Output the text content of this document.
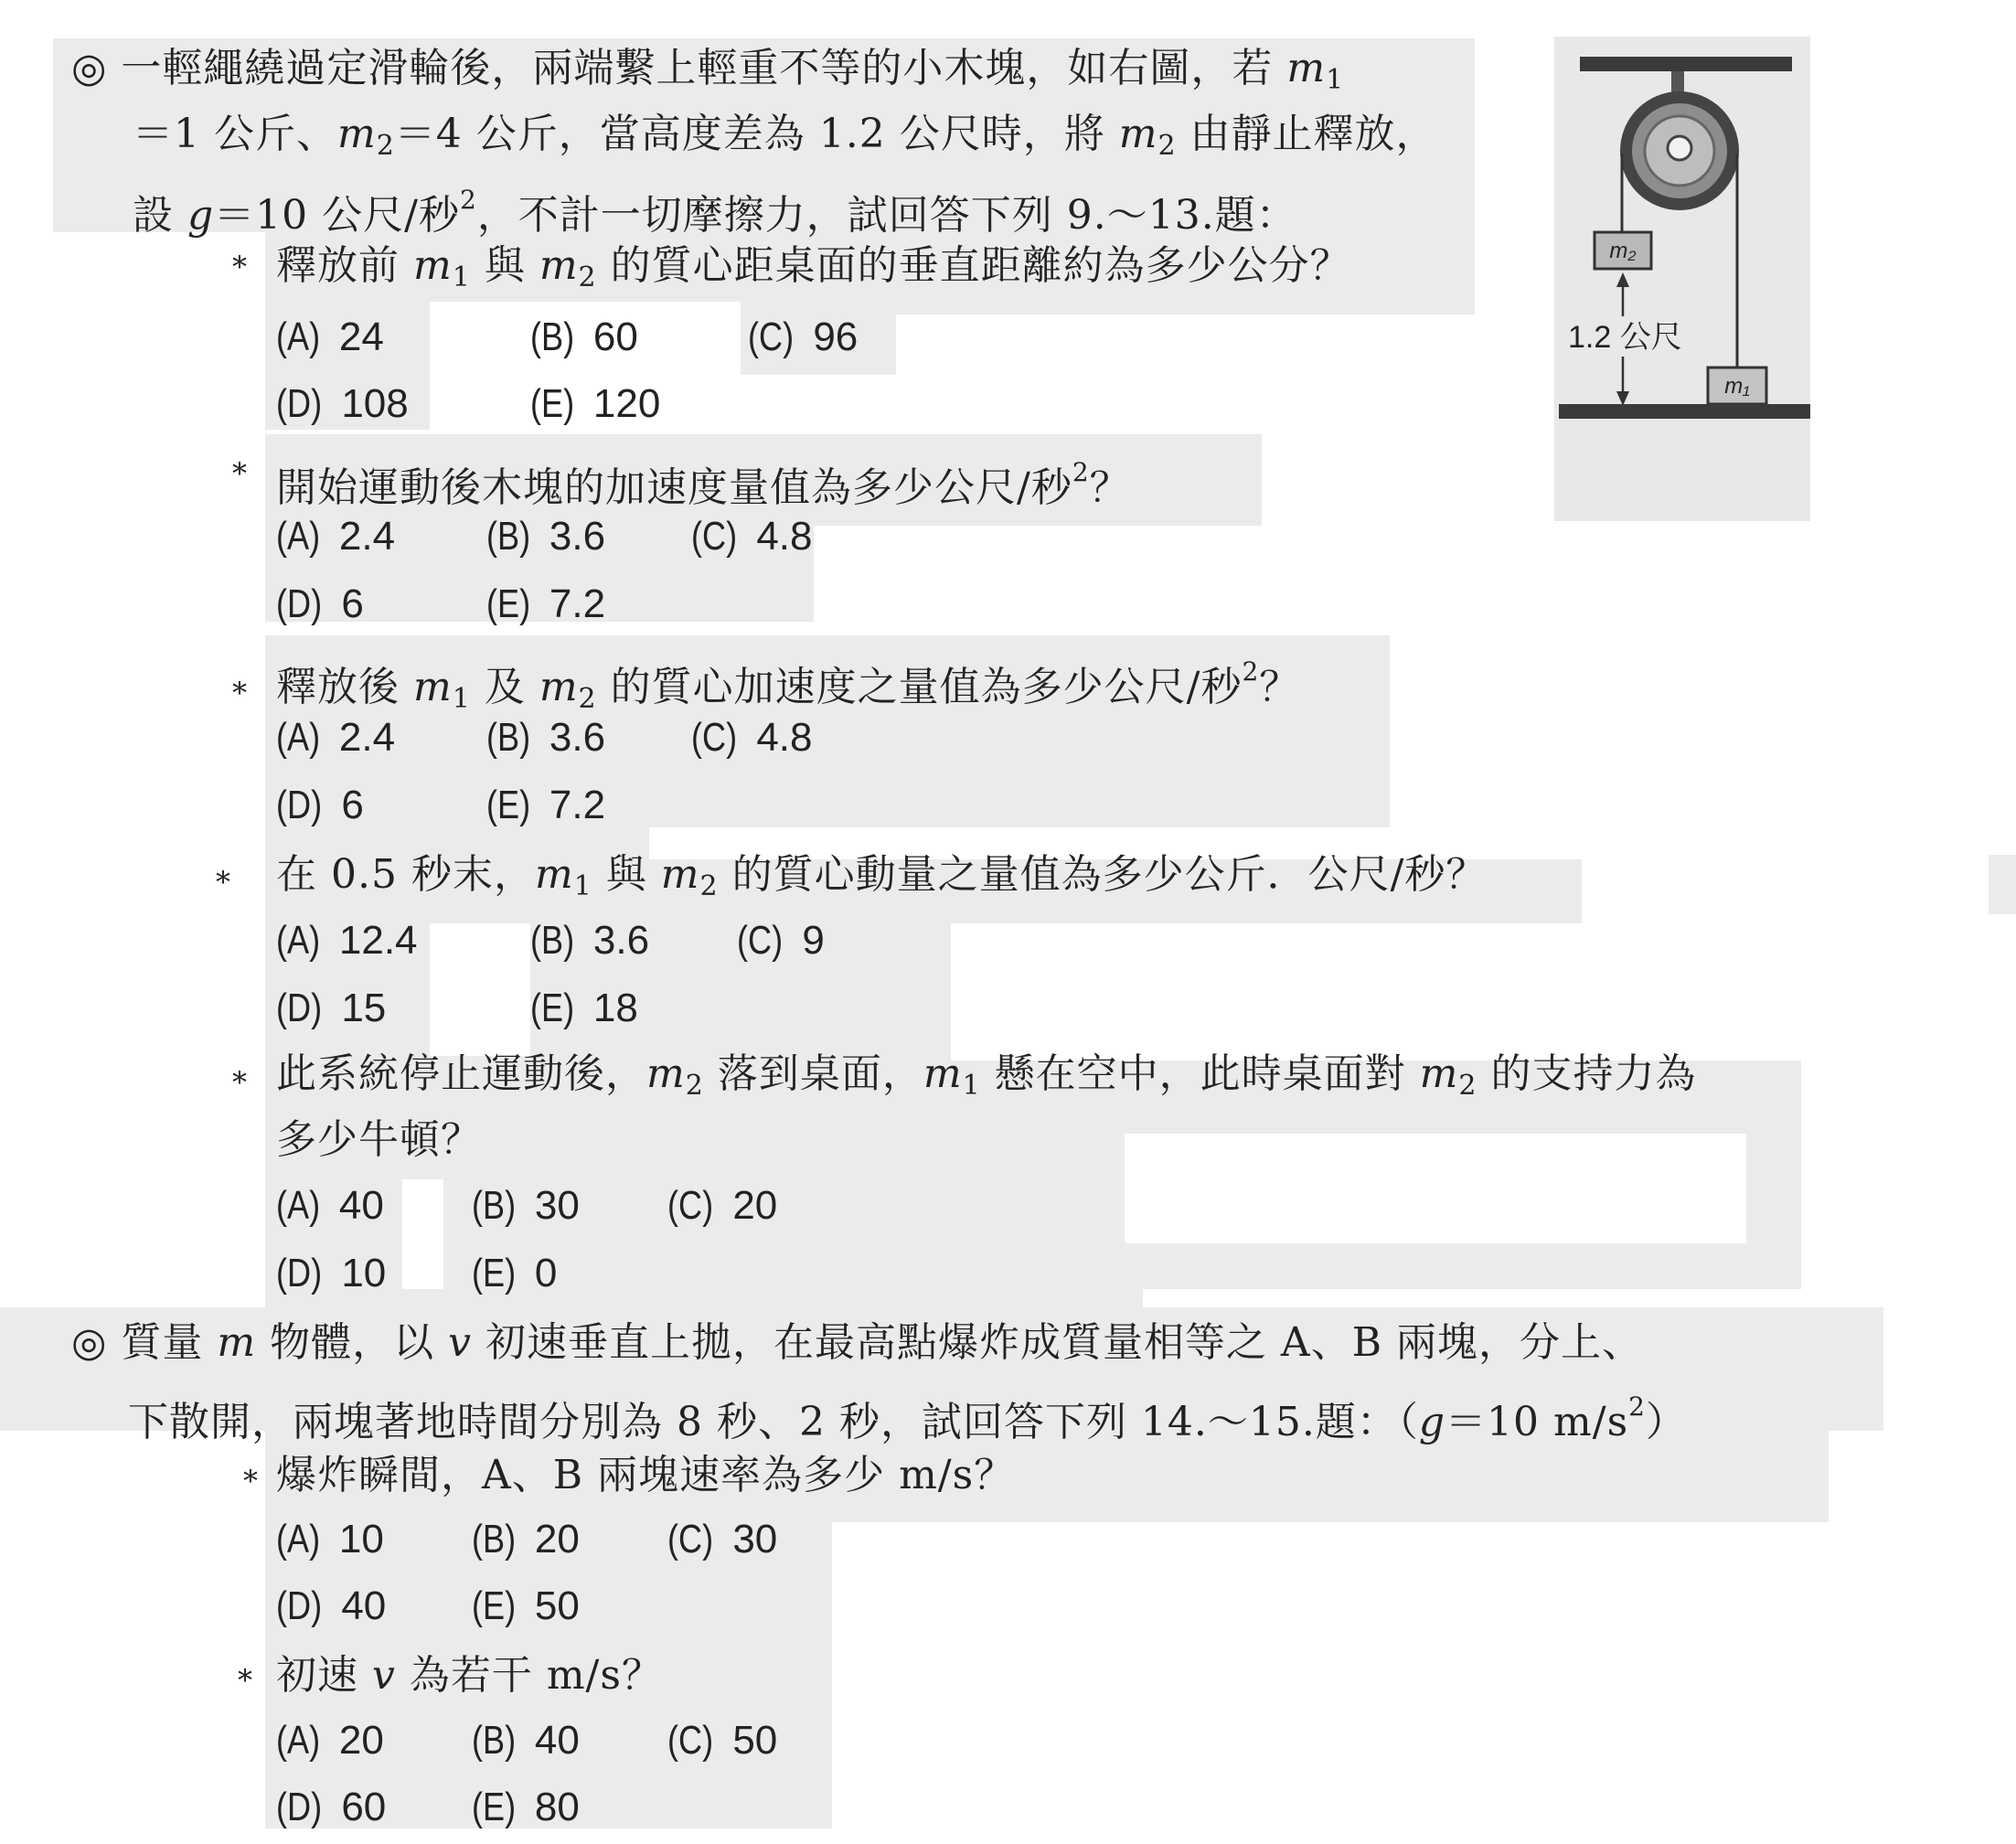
◎ 一輕繩繞過定滑輪後，兩端繫上輕重不等的小木塊，如右圖，若 $m_1$
＝1 公斤、$m_2=4$ 公斤，當高度差為 1.2 公尺時，將 $m_2$ 由靜止釋放，
設 g＝10 公尺/秒$^2$，不計一切摩擦力，試回答下列 9.～13.題：
* 釋放前 $m_1$ 與 $m_2$ 的質心距桌面的垂直距離約為多少公分？
(A) 24	(B) 60	(C) 96
(D) 108	(E) 120
* 開始運動後木塊的加速度量值為多少公尺/秒$^2$？
(A) 2.4 (B) 3.6 (C) 4.8
(D) 6	(E) 7.2
* 釋放後 $m_1$ 及 $m_2$ 的質心加速度之量值為多少公尺/秒$^2$？
(A) 2.4 (B) 3.6 (C) 4.8
(D) 6	(E) 7.2
* 在 0.5 秒末，$m_1$ 與 $m_2$ 的質心動量之量值為多少公斤．公尺/秒？
(A) 12.4	(B) 3.6 (C) 9
(D) 15	(E) 18
* 此系統停止運動後，$m_2$ 落到桌面，$m_1$ 懸在空中，此時桌面對 $m_2$ 的支持力為
多少牛頓？
(A) 40 (B) 30 (C) 20
(D) 10 (E) 0
m₂
1.2 公尺
m₁
◎ 質量 m 物體，以 v 初速垂直上拋，在最高點爆炸成質量相等之 A、B 兩塊，分上、
下散開，兩塊著地時間分別為 8 秒、2 秒，試回答下列 14.～15.題：（g＝10 $m/s^2$）
* 爆炸瞬間，A、B 兩塊速率為多少 m/s？
(A) 10 (B) 20 (C) 30
(D) 40 (E) 50
* 初速 v 為若干 m/s？
(A) 20 (B) 40 (C) 50
(D) 60 (E) 80
